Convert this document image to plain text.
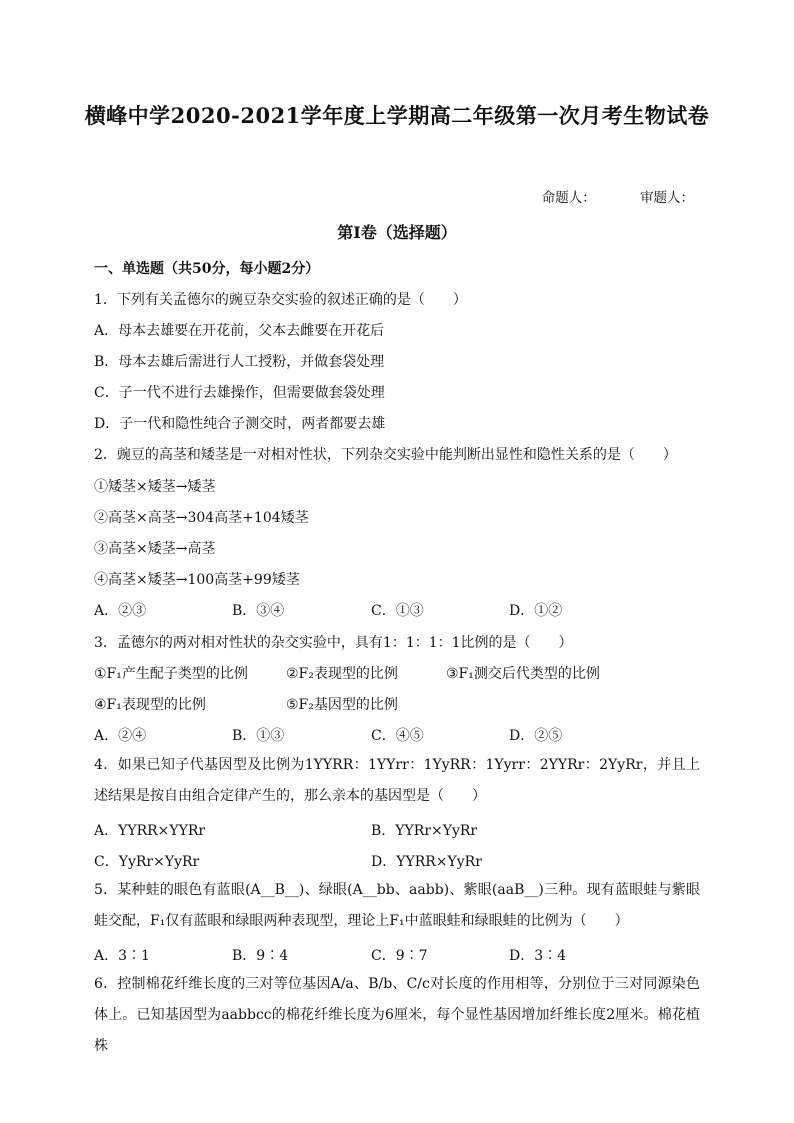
横峰中学2020-2021学年度上学期高二年级第一次月考生物试卷
命题人：	审题人：
第Ⅰ卷（选择题）
一、单选题（共50分，每小题2分）
1．下列有关孟德尔的豌豆杂交实验的叙述正确的是（　　）
A．母本去雄要在开花前，父本去雌要在开花后
B．母本去雄后需进行人工授粉，并做套袋处理
C．子一代不进行去雄操作，但需要做套袋处理
D．子一代和隐性纯合子测交时，两者都要去雄
2．豌豆的高茎和矮茎是一对相对性状，下列杂交实验中能判断出显性和隐性关系的是（　　）
①矮茎×矮茎→矮茎
②高茎×高茎→304高茎+104矮茎
③高茎×矮茎→高茎
④高茎×矮茎→100高茎+99矮茎
A．②③	B．③④	C．①③	D．①②
3．孟德尔的两对相对性状的杂交实验中，具有1：1：1：1比例的是（　　）
①F₁产生配子类型的比例	②F₂表现型的比例	③F₁测交后代类型的比例
④F₁表现型的比例	⑤F₂基因型的比例
A．②④	B．①③	C．④⑤	D．②⑤
4．如果已知子代基因型及比例为1YYRR：1YYrr：1YyRR：1Yyrr：2YYRr：2YyRr，并且上述结果是按自由组合定律产生的，那么亲本的基因型是（　　）
A．YYRR×YYRr	B．YYRr×YyRr
C．YyRr×YyRr	D．YYRR×YyRr
5．某种蛙的眼色有蓝眼(A__B__)、绿眼(A__bb、aabb)、紫眼(aaB__)三种。现有蓝眼蛙与紫眼蛙交配，F₁仅有蓝眼和绿眼两种表现型，理论上F₁中蓝眼蛙和绿眼蛙的比例为（　　）
A．3∶1	B．9∶4	C．9∶7	D．3∶4
6．控制棉花纤维长度的三对等位基因A/a、B/b、C/c对长度的作用相等，分别位于三对同源染色体上。已知基因型为aabbcc的棉花纤维长度为6厘米，每个显性基因增加纤维长度2厘米。棉花植株
